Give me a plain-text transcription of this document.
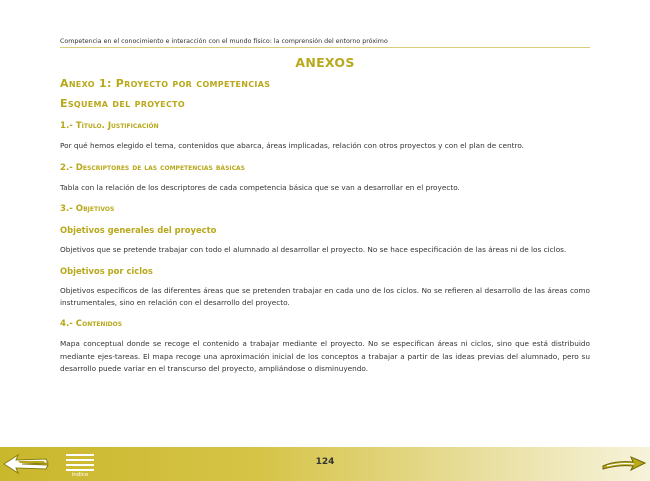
Competencia en el conocimiento e interacción con el mundo físico: la comprensión del entorno próximo
ANEXOS
Anexo 1: Proyecto por competencias
Esquema del proyecto
1.- Título. Justificación

Por qué hemos elegido el tema, contenidos que abarca, áreas implicadas, relación con otros proyectos y con el plan de centro.

2.- Descriptores de las competencias básicas

Tabla con la relación de los descriptores de cada competencia básica que se van a desarrollar en el proyecto.

3.- Objetivos
Objetivos generales del proyecto

Objetivos que se pretende trabajar con todo el alumnado al desarrollar el proyecto. No se hace especificación de las áreas ni de los ciclos.

Objetivos por ciclos

Objetivos específicos de las diferentes áreas que se pretenden trabajar en cada uno de los ciclos. No se refieren al desarrollo de las áreas como instrumentales, sino en relación con el desarrollo del proyecto.

4.- Contenidos

Mapa conceptual donde se recoge el contenido a trabajar mediante el proyecto. No se especifican áreas ni ciclos, sino que está distribuido mediante ejes-tareas. El mapa recoge una aproximación inicial de los conceptos a trabajar a partir de las ideas previas del alumnado, pero su desarrollo puede variar en el transcurso del proyecto, ampliándose o disminuyendo.

índice
124
